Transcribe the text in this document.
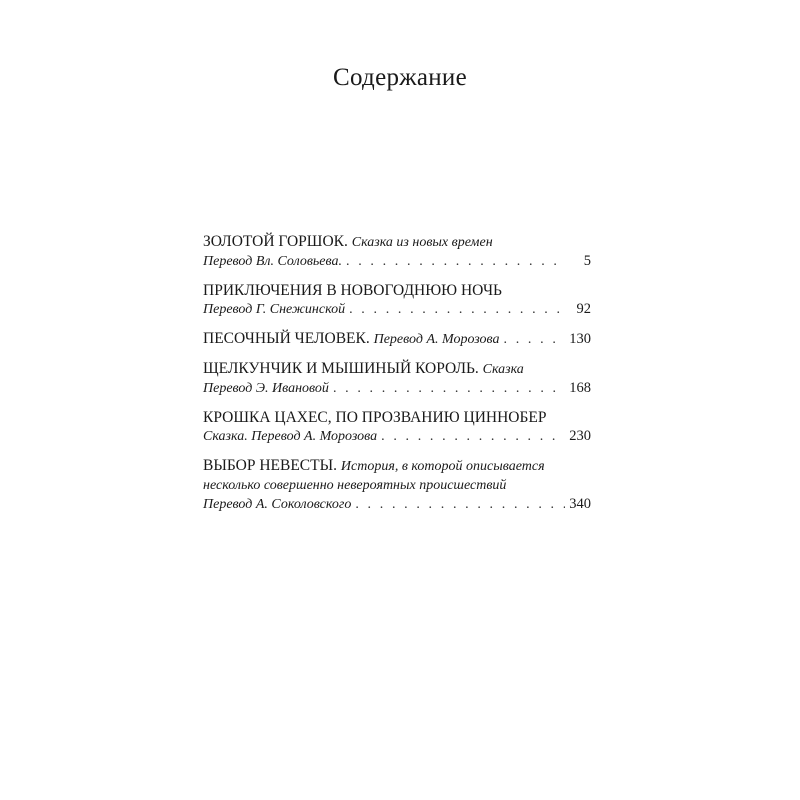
Содержание
ЗОЛОТОЙ ГОРШОК. Сказка из новых времен
Перевод Вл. Соловьева. . . .	5
ПРИКЛЮЧЕНИЯ В НОВОГОДНЮЮ НОЧЬ
Перевод Г. Снежинской . . .	92
ПЕСОЧНЫЙ ЧЕЛОВЕК. Перевод А. Морозова . . .	130
ЩЕЛКУНЧИК И МЫШИНЫЙ КОРОЛЬ. Сказка
Перевод Э. Ивановой . . .	168
КРОШКА ЦАХЕС, ПО ПРОЗВАНИЮ ЦИННОБЕР
Сказка. Перевод А. Морозова . . .	230
ВЫБОР НЕВЕСТЫ. История, в которой описывается
несколько совершенно невероятных происшествий
Перевод А. Соколовского . . .	340
